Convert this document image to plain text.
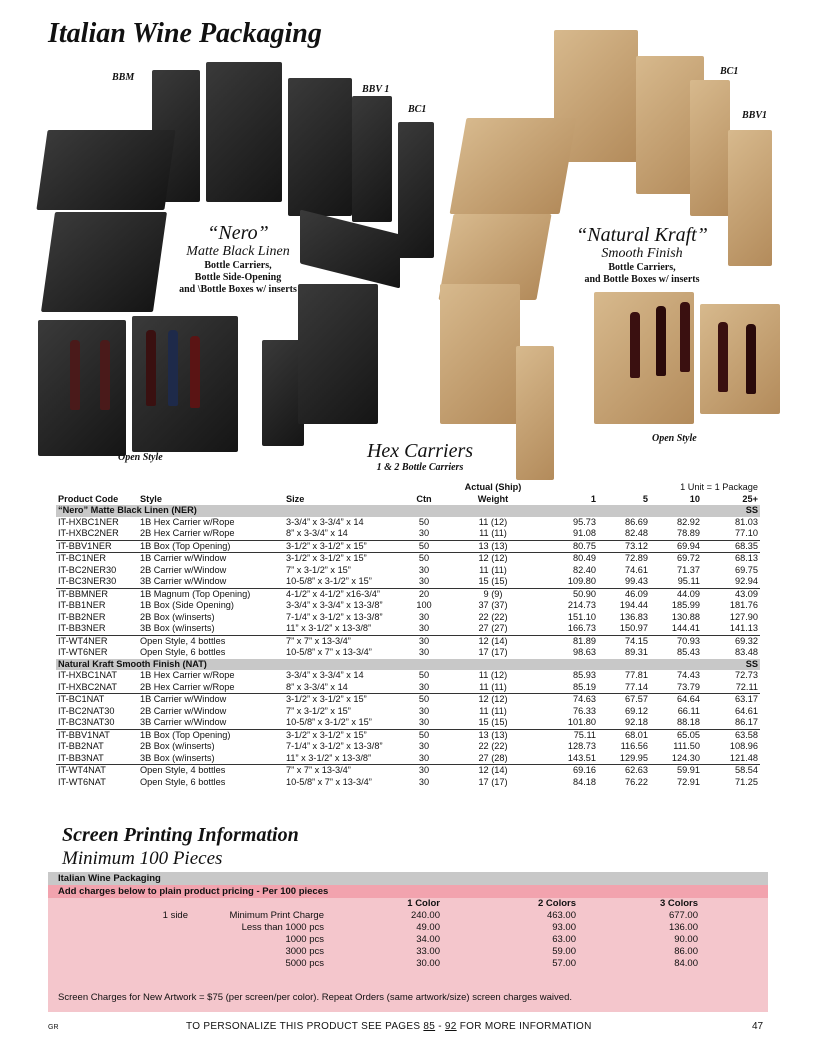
Italian Wine Packaging
BBM
BBV 1
BC1
BC1
BBV1
Open Style
Open Style
“Nero”
Matte Black Linen
Bottle Carriers,
Bottle Side-Opening
and \Bottle Boxes w/ inserts
“Natural Kraft”
Smooth Finish
Bottle Carriers,
and Bottle Boxes w/ inserts
Hex Carriers
1 & 2 Bottle Carriers
				Actual (Ship)		1 Unit = 1 Package		
Product Code	Style	Size	Ctn	Weight	1	5	10	25+
“Nero” Matte Black Linen (NER)								SS
IT-HXBC1NER	1B Hex Carrier w/Rope	3-3/4” x 3-3/4” x 14	50	11 (12)	95.73	86.69	82.92	81.03
IT-HXBC2NER	2B Hex Carrier w/Rope	8” x 3-3/4” x 14	30	11 (11)	91.08	82.48	78.89	77.10
IT-BBV1NER	1B Box (Top Opening)	3-1/2” x 3-1/2” x 15”	50	13 (13)	80.75	73.12	69.94	68.35
IT-BC1NER	1B Carrier w/Window	3-1/2” x 3-1/2” x 15”	50	12 (12)	80.49	72.89	69.72	68.13
IT-BC2NER30	2B Carrier w/Window	7” x 3-1/2” x 15”	30	11 (11)	82.40	74.61	71.37	69.75
IT-BC3NER30	3B Carrier w/Window	10-5/8” x 3-1/2” x 15”	30	15 (15)	109.80	99.43	95.11	92.94
IT-BBMNER	1B Magnum (Top Opening)	4-1/2” x 4-1/2” x16-3/4”	20	9 (9)	50.90	46.09	44.09	43.09
IT-BB1NER	1B Box (Side Opening)	3-3/4” x 3-3/4” x 13-3/8”	100	37 (37)	214.73	194.44	185.99	181.76
IT-BB2NER	2B Box (w/inserts)	7-1/4” x 3-1/2” x 13-3/8”	30	22 (22)	151.10	136.83	130.88	127.90
IT-BB3NER	3B Box (w/inserts)	11” x 3-1/2” x 13-3/8”	30	27 (27)	166.73	150.97	144.41	141.13
IT-WT4NER	Open Style, 4 bottles	7” x 7” x 13-3/4”	30	12 (14)	81.89	74.15	70.93	69.32
IT-WT6NER	Open Style, 6 bottles	10-5/8” x 7” x 13-3/4”	30	17 (17)	98.63	89.31	85.43	83.48
Natural Kraft Smooth Finish (NAT)								SS
IT-HXBC1NAT	1B Hex Carrier w/Rope	3-3/4” x 3-3/4” x 14	50	11 (12)	85.93	77.81	74.43	72.73
IT-HXBC2NAT	2B Hex Carrier w/Rope	8” x 3-3/4” x 14	30	11 (11)	85.19	77.14	73.79	72.11
IT-BC1NAT	1B Carrier w/Window	3-1/2” x 3-1/2” x 15”	50	12 (12)	74.63	67.57	64.64	63.17
IT-BC2NAT30	2B Carrier w/Window	7” x 3-1/2” x 15”	30	11 (11)	76.33	69.12	66.11	64.61
IT-BC3NAT30	3B Carrier w/Window	10-5/8” x 3-1/2” x 15”	30	15 (15)	101.80	92.18	88.18	86.17
IT-BBV1NAT	1B Box (Top Opening)	3-1/2” x 3-1/2” x 15”	50	13 (13)	75.11	68.01	65.05	63.58
IT-BB2NAT	2B Box (w/inserts)	7-1/4” x 3-1/2” x 13-3/8”	30	22 (22)	128.73	116.56	111.50	108.96
IT-BB3NAT	3B Box (w/inserts)	11” x 3-1/2” x 13-3/8”	30	27 (28)	143.51	129.95	124.30	121.48
IT-WT4NAT	Open Style, 4 bottles	7” x 7” x 13-3/4”	30	12 (14)	69.16	62.63	59.91	58.54
IT-WT6NAT	Open Style, 6 bottles	10-5/8” x 7” x 13-3/4”	30	17 (17)	84.18	76.22	72.91	71.25
Screen Printing Information
Minimum 100 Pieces
Italian Wine Packaging
Add charges below to plain product pricing - Per 100 pieces
		1 Color	2 Colors	3 Colors
1 side	Minimum Print Charge	240.00	463.00	677.00
	Less than 1000 pcs	49.00	93.00	136.00
	1000 pcs	34.00	63.00	90.00
	3000 pcs	33.00	59.00	86.00
	5000 pcs	30.00	57.00	84.00
Screen Charges for New Artwork = $75 (per screen/per color). Repeat Orders (same artwork/size) screen charges waived.
GR	TO PERSONALIZE THIS PRODUCT SEE PAGES 85 - 92 FOR MORE INFORMATION	47
